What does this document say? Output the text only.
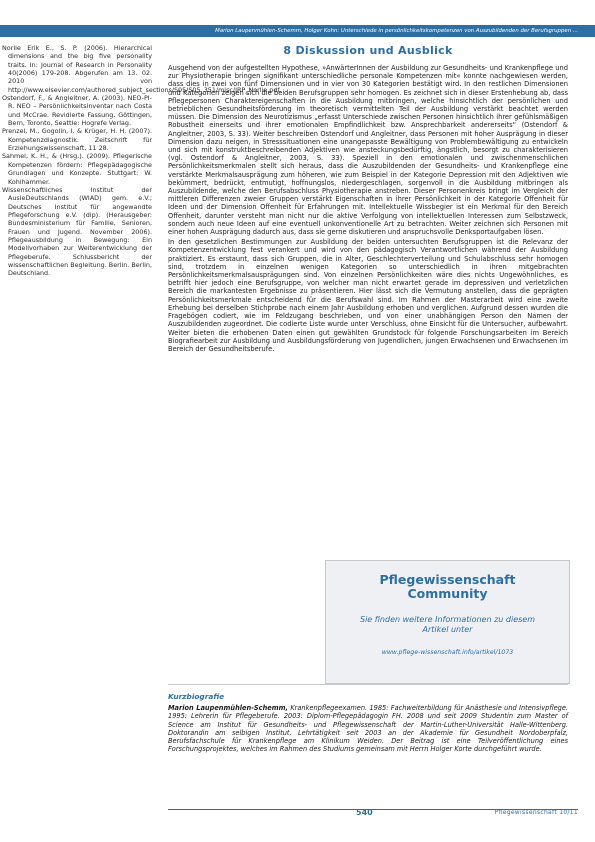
Marion Laupenmühlen-Schemm, Holger Kohn: Unterschiede in persönlichkeitskompetenzen von Auszubildenden der Berufsgruppen ...

Norlie Erik E., S. P. (2006). Hierarchical dimensions and the big five personality traits. In: Journal of Research in Personality 40(2006) 179-208. Abgerufen am 13. 02. 2010 von http://www.elsevier.com/authored_subject_sections/S05/S05_351/misc/JRP_Norlie.pdf.

Ostendorf, F., & Angleitner, A. (2003). NEO-PI-R. NEO – Persönlichkeitsinventar nach Costa und McCrae. Revidierte Fassung. Göttingen, Bern, Toronto, Seattle: Hogrefe Verlag.

Prenzel, M., Gogolin, I. & Krüger, H. H. (2007). Kompetenzdiagnostik. Zeitschrift für Erziehungswissenschaft, 11 28.

Sahmel, K. H., & (Hrsg.). (2009). Pflegerische Kompetenzen fördern: Pflegepädagogische Grundlagen und Konzepte. Stuttgart: W. Kohlhammer.

Wissenschaftliches Institut der AusleDeutschlands (WIAD) gem. e.V.; Deutsches Institut für angewandte Pflegeforschung e.V. (dip). (Herausgeber: Bundesministerium für Familie, Senioren, Frauen und Jugend. November 2006). Pflegeausbildung in Bewegung: Ein Modellvorhaben zur Weiterentwicklung der Pflegeberufe. Schlussbericht der wissenschaftlichen Begleitung. Berlin. Berlin, Deutschland.

8 Diskussion und Ausblick

Ausgehend von der aufgestellten Hypothese, »AnwärterInnen der Ausbildung zur Gesundheits- und Krankenpflege und zur Physiotherapie bringen signifikant unterschiedliche personale Kompetenzen mit« konnte nachgewiesen werden, dass dies in zwei von fünf Dimensionen und in vier von 30 Kategorien bestätigt wird. In den restlichen Dimensionen und Kategorien zeigen sich die beiden Berufsgruppen sehr homogen. Es zeichnet sich in dieser Erstenhebung ab, dass Pflegepersonen Charaktereigenschaften in die Ausbildung mitbringen, welche hinsichtlich der persönlichen und betrieblichen Gesundheitsförderung im theoretisch vermittelten Teil der Ausbildung verstärkt beachtet werden müssen. Die Dimension des Neurotizismus „erfasst Unterschiede zwischen Personen hinsichtlich ihrer gefühlsmäßigen Robustheit einerseits und ihrer emotionalen Empfindlichkeit bzw. Ansprechbarkeit andererseits“ (Ostendorf & Angleitner, 2003, S. 33). Weiter beschreiben Ostendorf und Angleitner, dass Personen mit hoher Ausprägung in dieser Dimension dazu neigen, in Stresssituationen eine unangepasste Bewältigung von Problembewältigung zu entwickeln und sich mit konstruktbeschreibenden Adjektiven wie ansteckungsbedürftig, ängstlich, besorgt zu charakterisieren (vgl. Ostendorf & Angleitner, 2003, S. 33). Speziell in den emotionalen und zwischenmenschlichen Persönlichkeitsmerkmalen stellt sich heraus, dass die Auszubildenden der Gesundheits- und Krankenpflege eine verstärkte Merkmalsausprägung zum höheren, wie zum Beispiel in der Kategorie Depression mit den Adjektiven wie bekümmert, bedrückt, entmutigt, hoffnungslos, niedergeschlagen, sorgenvoll in die Ausbildung mitbringen als Auszubildende, welche den Berufsabschluss Physiotherapie anstreben. Dieser Personenkreis bringt im Vergleich der mittleren Differenzen zweier Gruppen verstärkt Eigenschaften in ihrer Persönlichkeit in der Kategorie Offenheit für Ideen und der Dimension Offenheit für Erfahrungen mit. Intellektuelle Wissbegier ist ein Merkmal für den Bereich Offenheit, darunter versteht man nicht nur die aktive Verfolgung von intellektuellen Interessen zum Selbstzweck, sondern auch neue Ideen auf eine eventuell unkonventionelle Art zu betrachten. Weiter zeichnen sich Personen mit einer hohen Ausprägung dadurch aus, dass sie gerne diskutieren und anspruchsvolle Denksportaufgaben lösen.

In den gesetzlichen Bestimmungen zur Ausbildung der beiden untersuchten Berufsgruppen ist die Relevanz der Kompetenzentwicklung fest verankert und wird von den pädagogisch Verantwortlichen während der Ausbildung praktiziert. Es erstaunt, dass sich Gruppen, die in Alter, Geschlechterverteilung und Schulabschluss sehr homogen sind, trotzdem in einzelnen wenigen Kategorien so unterschiedlich in ihren mitgebrachten Persönlichkeitsmerkmalsausprägungen sind. Von einzelnen Persönlichkeiten wäre dies nichts Ungewöhnliches, es betrifft hier jedoch eine Berufsgruppe, von welcher man nicht erwartet gerade im depressiven und verletzlichen Bereich die markantesten Ergebnisse zu präsentieren. Hier lässt sich die Vermutung anstellen, dass die geprägten Persönlichkeitsmerkmale entscheidend für die Berufswahl sind. Im Rahmen der Masterarbeit wird eine zweite Erhebung bei derselben Stichprobe nach einem Jahr Ausbildung erhoben und verglichen. Aufgrund dessen wurden die Fragebögen codiert, wie im Feldzugang beschrieben, und von einer unabhängigen Person den Namen der Auszubildenden zugeordnet. Die codierte Liste wurde unter Verschluss, ohne Einsicht für die Untersucher, aufbewahrt. Weiter bieten die erhobenen Daten einen gut gewählten Grundstock für folgende Forschungsarbeiten im Bereich Biografiearbeit zur Ausbildung und Ausbildungsförderung von Jugendlichen, jungen Erwachsenen und Erwachsenen im Bereich der Gesundheitsberufe.

Pflegewissenschaft
Community
Sie finden weitere Informationen zu diesem Artikel unter
www.pflege-wissenschaft.info/artikel/1073
Kurzbiografie
Marion Laupenmühlen-Schemm, Krankenpflegeexamen. 1985: Fachweiterbildung für Anästhesie und Intensivpflege. 1995: Lehrerin für Pflegeberufe. 2003: Diplom-Pflegepädagogin FH. 2008 und seit 2009 Studentin zum Master of Science am Institut für Gesundheits- und Pflegewissenschaft der Martin-Luther-Universität Halle-Wittenberg. Doktorandin am selbigen Institut. Lehrtätigkeit seit 2003 an der Akademie für Gesundheit Nordoberpfalz, Berufsfachschule für Krankenpflege am Klinikum Weiden. Der Beitrag ist eine Teilveröffentlichung eines Forschungsprojektes, welches im Rahmen des Studiums gemeinsam mit Herrn Holger Korte durchgeführt wurde.
540	Pflegewissenschaft 10/11
